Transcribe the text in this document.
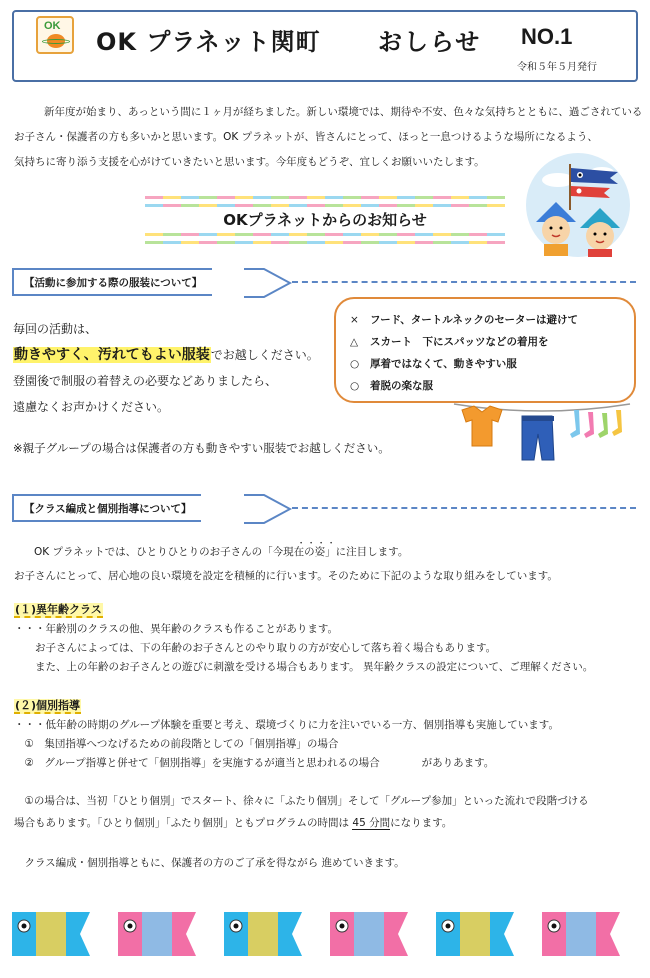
OK
OK プラネット関町 おしらせ NO.1
令和５年５月発行

新年度が始まり、あっという間に１ヶ月が経ちました。新しい環境では、期待や不安、色々な気持ちとともに、過ごされている

お子さん・保護者の方も多いかと思います。OK プラネットが、皆さんにとって、ほっと一息つけるような場所になるよう、

気持ちに寄り添う支援を心がけていきたいと思います。今年度もどうぞ、宜しくお願いいたします。

OKプラネットからのお知らせ
【活動に参加する際の服装について】
毎回の活動は、
動きやすく、汚れてもよい服装でお越しください。
登園後で制服の着替えの必要などありましたら、
遠慮なくお声かけください。
※親子グループの場合は保護者の方も動きやすい服装でお越しください。
× フード、タートルネックのセーターは避けて
△ スカート　下にスパッツなどの着用を
○ 厚着ではなくて、動きやすい服
○ 着脱の楽な服
【クラス編成と個別指導について】

OK プラネットでは、ひとりひとりのお子さんの「・・・・ 今現在の姿」に注目します。

お子さんにとって、居心地の良い環境を設定を積極的に行います。そのために下記のような取り組みをしています。

(１)異年齢クラス
・・・年齢別のクラスの他、異年齢のクラスも作ることがあります。
　　お子さんによっては、下の年齢のお子さんとのやり取りの方が安心して落ち着く場合もあります。
　　また、上の年齢のお子さんとの遊びに刺激を受ける場合もあります。 異年齢クラスの設定について、ご理解ください。
(２)個別指導
・・・低年齢の時期のグループ体験を重要と考え、環境づくりに力を注いでいる一方、個別指導も実施しています。
　①　集団指導へつなげるための前段階としての「個別指導」の場合
　②　グループ指導と併せて「個別指導」を実施するが適当と思われるの場合　　　　がありあます。
　①の場合は、当初「ひとり個別」でスタート、徐々に「ふたり個別」そして「グループ参加」といった流れで段階づける
場合もあります。「ひとり個別」「ふたり個別」ともプログラムの時間は 45 分間になります。
　クラス編成・個別指導ともに、保護者の方のご了承を得ながら 進めていきます。
